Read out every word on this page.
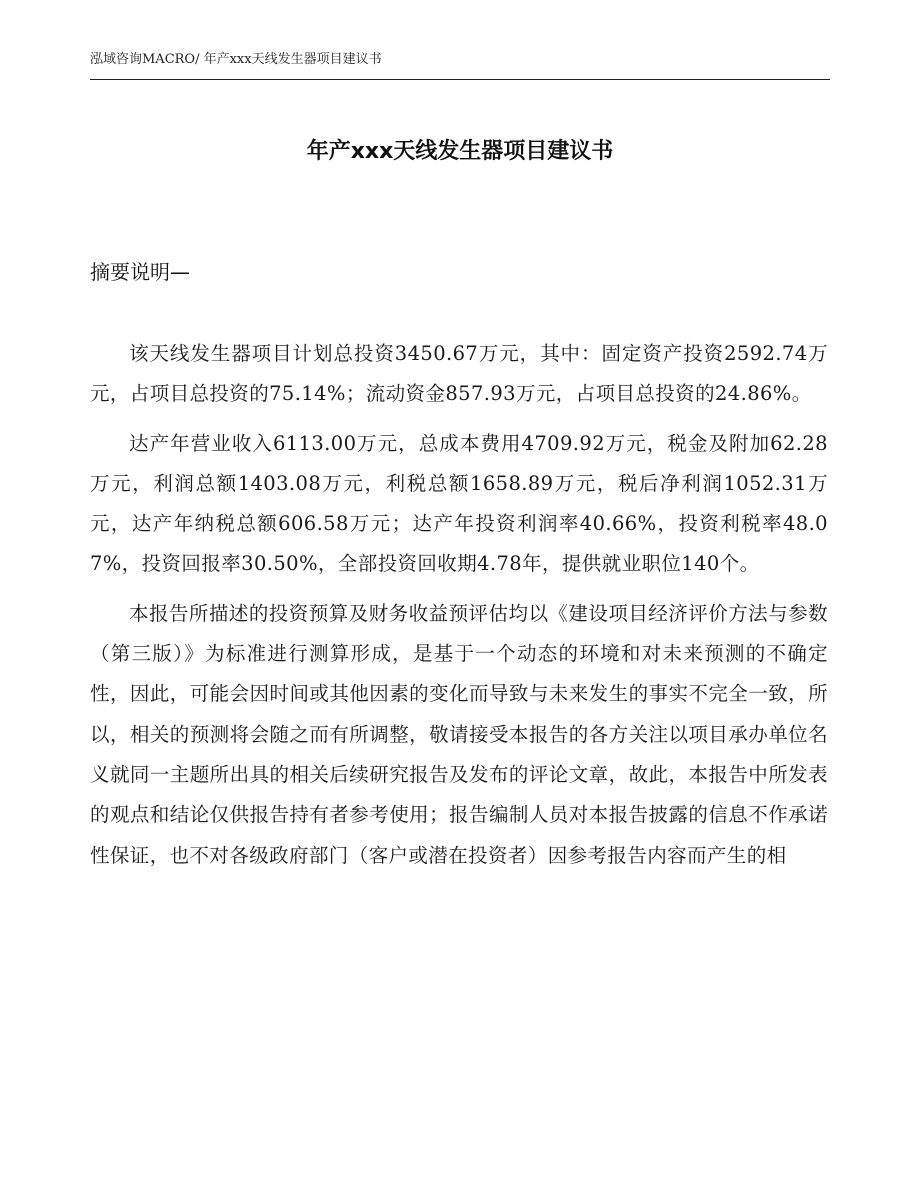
泓域咨询MACRO/ 年产xxx天线发生器项目建议书
年产xxx天线发生器项目建议书
摘要说明—

该天线发生器项目计划总投资3450.67万元，其中：固定资产投资2592.74万元，占项目总投资的75.14%；流动资金857.93万元，占项目总投资的24.86%。

达产年营业收入6113.00万元，总成本费用4709.92万元，税金及附加62.28万元，利润总额1403.08万元，利税总额1658.89万元，税后净利润1052.31万元，达产年纳税总额606.58万元；达产年投资利润率40.66%，投资利税率48.07%，投资回报率30.50%，全部投资回收期4.78年，提供就业职位140个。

本报告所描述的投资预算及财务收益预评估均以《建设项目经济评价方法与参数（第三版）》为标准进行测算形成，是基于一个动态的环境和对未来预测的不确定性，因此，可能会因时间或其他因素的变化而导致与未来发生的事实不完全一致，所以，相关的预测将会随之而有所调整，敬请接受本报告的各方关注以项目承办单位名义就同一主题所出具的相关后续研究报告及发布的评论文章，故此，本报告中所发表的观点和结论仅供报告持有者参考使用；报告编制人员对本报告披露的信息不作承诺性保证，也不对各级政府部门（客户或潜在投资者）因参考报告内容而产生的相
